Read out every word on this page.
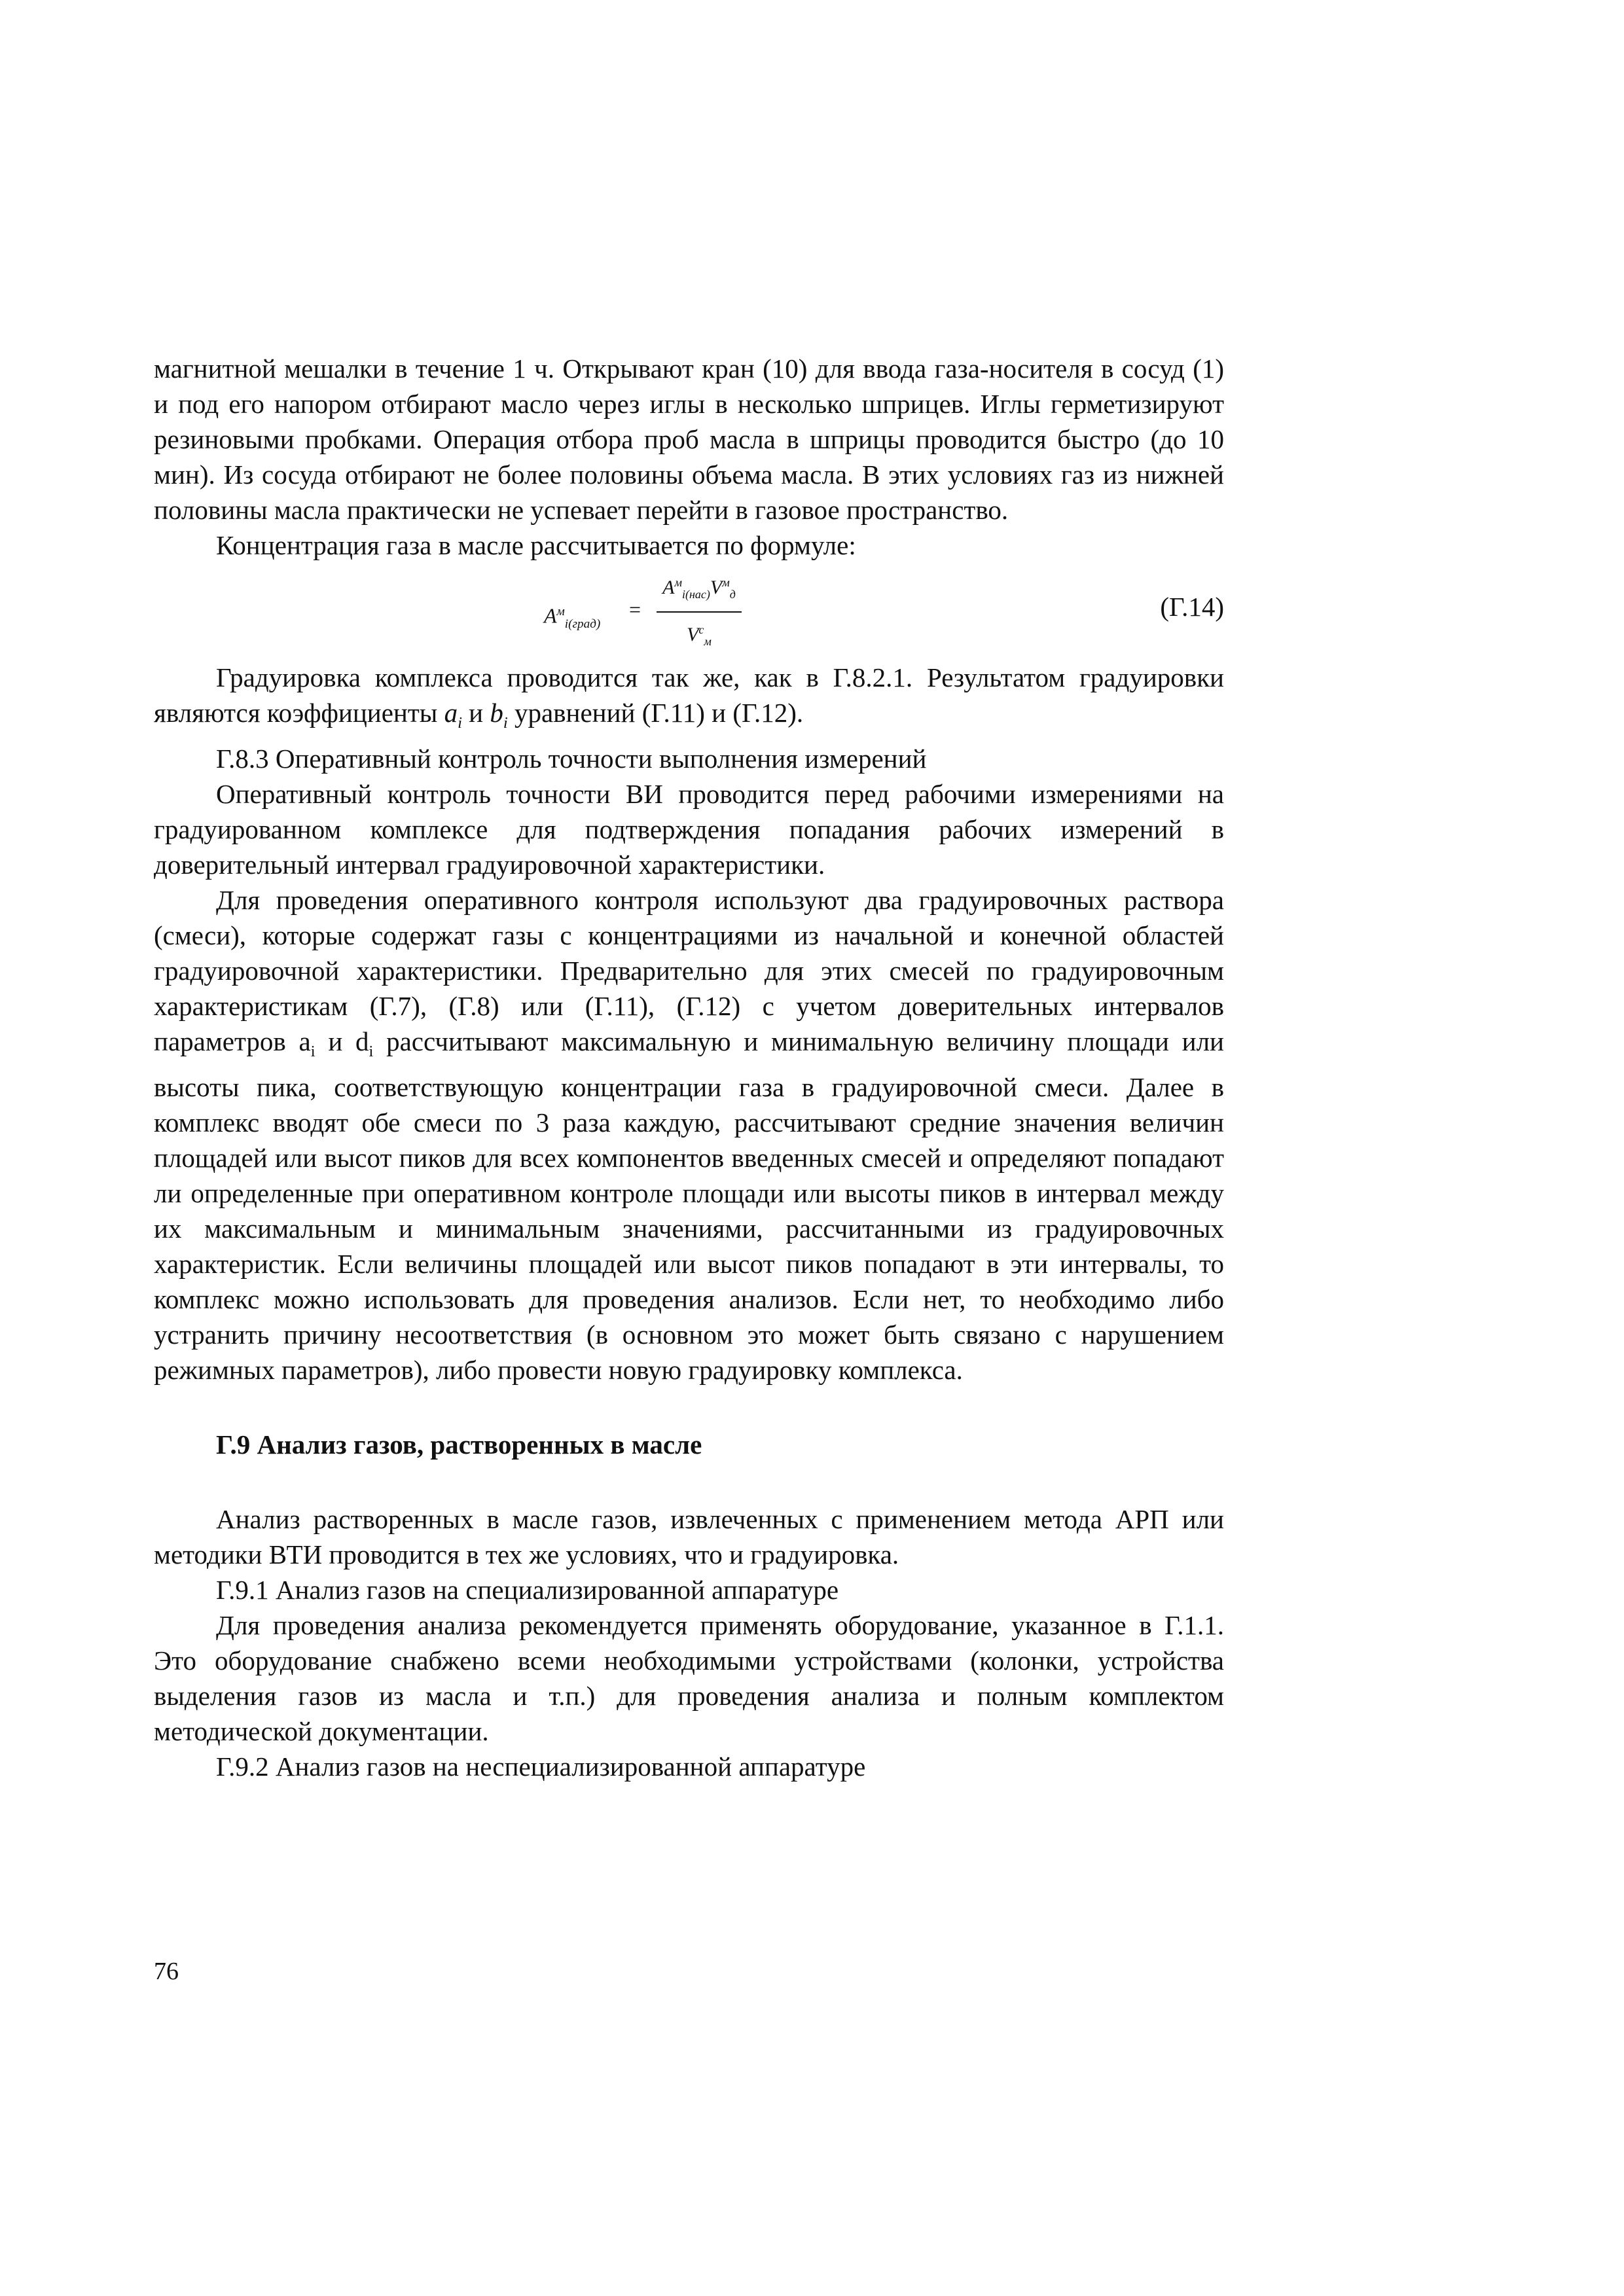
магнитной мешалки в течение 1 ч. Открывают кран (10) для ввода газа-носителя в сосуд (1) и под его напором отбирают масло через иглы в несколько шприцев. Иглы герметизируют резиновыми пробками. Операция отбора проб масла в шприцы проводится быстро (до 10 мин). Из сосуда отбирают не более половины объема масла. В этих условиях газ из нижней половины масла практически не успевает перейти в газовое пространство.

Концентрация газа в масле рассчитывается по формуле:

$A^м_{i(град)}$
=
$A^м_{i(нас)}V^м_д$
$V^с_м$
(Г.14)

Градуировка комплекса проводится так же, как в Г.8.2.1. Результатом градуировки являются коэффициенты $a_i$ и $b_i$ уравнений (Г.11) и (Г.12).

Г.8.3 Оперативный контроль точности выполнения измерений

Оперативный контроль точности ВИ проводится перед рабочими измерениями на градуированном комплексе для подтверждения попадания рабочих измерений в доверительный интервал градуировочной характеристики.

Для проведения оперативного контроля используют два градуировочных раствора (смеси), которые содержат газы с концентрациями из начальной и конечной областей градуировочной характеристики. Предварительно для этих смесей по градуировочным характеристикам (Г.7), (Г.8) или (Г.11), (Г.12) с учетом доверительных интервалов параметров $a_i$ и $d_i$ рассчитывают максимальную и минимальную величину площади или высоты пика, соответствующую концентрации газа в градуировочной смеси. Далее в комплекс вводят обе смеси по 3 раза каждую, рассчитывают средние значения величин площадей или высот пиков для всех компонентов введенных смесей и определяют попадают ли определенные при оперативном контроле площади или высоты пиков в интервал между их максимальным и минимальным значениями, рассчитанными из градуировочных характеристик. Если величины площадей или высот пиков попадают в эти интервалы, то комплекс можно использовать для проведения анализов. Если нет, то необходимо либо устранить причину несоответствия (в основном это может быть связано с нарушением режимных параметров), либо провести новую градуировку комплекса.

Г.9 Анализ газов, растворенных в масле

Анализ растворенных в масле газов, извлеченных с применением метода АРП или методики ВТИ проводится в тех же условиях, что и градуировка.

Г.9.1 Анализ газов на специализированной аппаратуре

Для проведения анализа рекомендуется применять оборудование, указанное в Г.1.1. Это оборудование снабжено всеми необходимыми устройствами (колонки, устройства выделения газов из масла и т.п.) для проведения анализа и полным комплектом методической документации.

Г.9.2 Анализ газов на неспециализированной аппаратуре

76
